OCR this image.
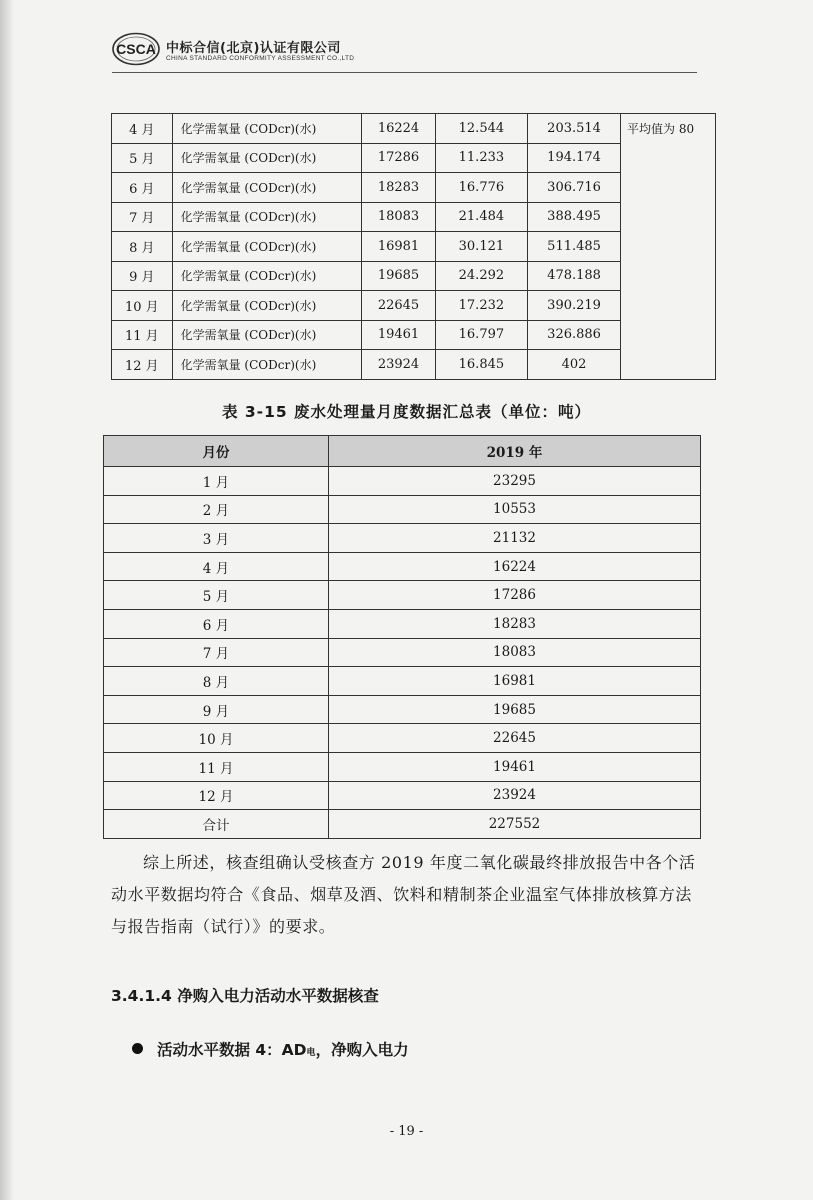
CSCA 中标合信(北京)认证有限公司
CHINA STANDARD CONFORMITY ASSESSMENT CO.,LTD
4 月	化学需氧量 (CODcr)(水)	16224	12.544	203.514	平均值为 80
5 月	化学需氧量 (CODcr)(水)	17286	11.233	194.174	
6 月	化学需氧量 (CODcr)(水)	18283	16.776	306.716	
7 月	化学需氧量 (CODcr)(水)	18083	21.484	388.495	
8 月	化学需氧量 (CODcr)(水)	16981	30.121	511.485	
9 月	化学需氧量 (CODcr)(水)	19685	24.292	478.188	
10 月	化学需氧量 (CODcr)(水)	22645	17.232	390.219	
11 月	化学需氧量 (CODcr)(水)	19461	16.797	326.886	
12 月	化学需氧量 (CODcr)(水)	23924	16.845	402	
表 3-15 废水处理量月度数据汇总表（单位：吨）
月份	2019 年
1 月	23295
2 月	10553
3 月	21132
4 月	16224
5 月	17286
6 月	18283
7 月	18083
8 月	16981
9 月	19685
10 月	22645
11 月	19461
12 月	23924
合计	227552
综上所述，核查组确认受核查方 2019 年度二氧化碳最终排放报告中各个活动水平数据均符合《食品、烟草及酒、饮料和精制茶企业温室气体排放核算方法与报告指南（试行）》的要求。
3.4.1.4 净购入电力活动水平数据核查
活动水平数据 4：AD电，净购入电力
- 19 -
